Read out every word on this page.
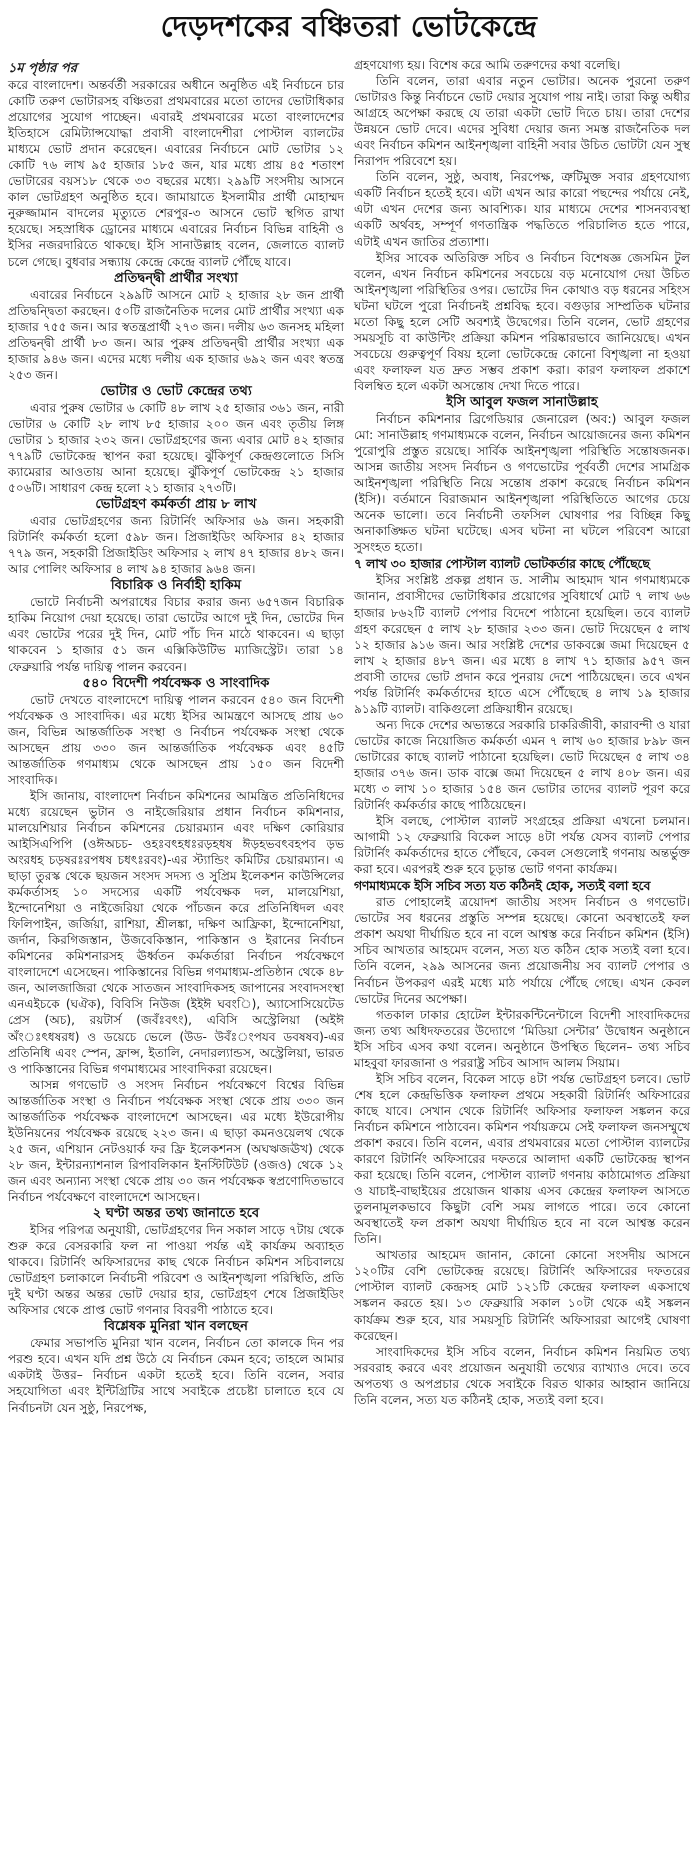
দেড়দশকের বঞ্চিতরা ভোটকেন্দ্রে
১ম পৃষ্ঠার পর

করে বাংলাদেশ। অন্তর্বর্তী সরকারের অধীনে অনুষ্ঠিত এই নির্বাচনে চার কোটি তরুণ ভোটারসহ বঞ্চিতরা প্রথমবারের মতো তাদের ভোটাধিকার প্রয়োগের সুযোগ পাচ্ছেন। এবারই প্রথমবারের মতো বাংলাদেশের ইতিহাসে রেমিট্যান্সযোদ্ধা প্রবাসী বাংলাদেশীরা পোস্টাল ব্যালটের মাধ্যমে ভোট প্রদান করেছেন। এবারের নির্বাচনে মোট ভোটার ১২ কোটি ৭৬ লাখ ৯৫ হাজার ১৮৫ জন, যার মধ্যে প্রায় ৪৫ শতাংশ ভোটারের বয়স১৮ থেকে ৩৩ বছরের মধ্যে। ২৯৯টি সংসদীয় আসনে কাল ভোটগ্রহণ অনুষ্ঠিত হবে। জামায়াতে ইসলামীর প্রার্থী মোহাম্মদ নুরুজ্জামান বাদলের মৃত্যুতে শেরপুর-৩ আসনে ভোট স্থগিত রাখা হয়েছে। সহস্রাধিক ড্রোনের মাধ্যমে এবারের নির্বাচন বিভিন্ন বাহিনী ও ইসির নজরদারিতে থাকছে। ইসি সানাউল্লাহ বলেন, জেলাতে ব্যালট চলে গেছে। বুধবার সন্ধ্যায় কেন্দ্রে কেন্দ্রে ব্যালট পৌঁছে যাবে।

প্রতিদ্বন্দ্বী প্রার্থীর সংখ্যা

এবারের নির্বাচনে ২৯৯টি আসনে মোট ২ হাজার ২৮ জন প্রার্থী প্রতিদ্বন্দ্বিতা করছেন। ৫০টি রাজনৈতিক দলের মোট প্রার্থীর সংখ্যা এক হাজার ৭৫৫ জন। আর স্বতন্ত্রপ্রার্থী ২৭৩ জন। দলীয় ৬৩ জনসহ মহিলা প্রতিদ্বন্দ্বী প্রার্থী ৮৩ জন। আর পুরুষ প্রতিদ্বন্দ্বী প্রার্থীর সংখ্যা এক হাজার ৯৪৬ জন। এদের মধ্যে দলীয় এক হাজার ৬৯২ জন এবং স্বতন্ত্র ২৫৩ জন।

ভোটার ও ভোট কেন্দ্রের তথ্য

এবার পুরুষ ভোটার ৬ কোটি ৪৮ লাখ ২৫ হাজার ৩৬১ জন, নারী ভোটার ৬ কোটি ২৮ লাখ ৮৫ হাজার ২০০ জন এবং তৃতীয় লিঙ্গ ভোটার ১ হাজার ২৩২ জন। ভোটগ্রহণের জন্য এবার মোট ৪২ হাজার ৭৭৯টি ভোটকেন্দ্র স্থাপন করা হয়েছে। ঝুঁকিপূর্ণ কেন্দ্রগুলোতে সিসি ক্যামেরার আওতায় আনা হয়েছে। ঝুঁকিপূর্ণ ভোটকেন্দ্র ২১ হাজার ৫০৬টি। সাধারণ কেন্দ্র হলো ২১ হাজার ২৭৩টি।

ভোটগ্রহণ কর্মকর্তা প্রায় ৮ লাখ

এবার ভোটগ্রহণের জন্য রিটার্নিং অফিসার ৬৯ জন। সহকারী রিটার্নিং কর্মকর্তা হলো ৫৯৮ জন। প্রিজাইডিং অফিসার ৪২ হাজার ৭৭৯ জন, সহকারী প্রিজাইডিং অফিসার ২ লাখ ৪৭ হাজার ৪৮২ জন। আর পোলিং অফিসার ৪ লাখ ৯৪ হাজার ৯৬৪ জন।

বিচারিক ও নির্বাহী হাকিম

ভোটে নির্বাচনী অপরাধের বিচার করার জন্য ৬৫৭জন বিচারিক হাকিম নিয়োগ দেয়া হয়েছে। তারা ভোটের আগে দুই দিন, ভোটের দিন এবং ভোটের পরের দুই দিন, মোট পাঁচ দিন মাঠে থাকবেন। এ ছাড়া থাকবেন ১ হাজার ৫১ জন এক্সিকিউটিভ ম্যাজিস্ট্রেট। তারা ১৪ ফেব্রুয়ারি পর্যন্ত দায়িত্ব পালন করবেন।

৫৪০ বিদেশী পর্যবেক্ষক ও সাংবাদিক

ভোট দেখতে বাংলাদেশে দায়িত্ব পালন করবেন ৫৪০ জন বিদেশী পর্যবেক্ষক ও সাংবাদিক। এর মধ্যে ইসির আমন্ত্রণে আসছে প্রায় ৬০ জন, বিভিন্ন আন্তর্জাতিক সংস্থা ও নির্বাচন পর্যবেক্ষক সংস্থা থেকে আসছেন প্রায় ৩৩০ জন আন্তর্জাতিক পর্যবেক্ষক এবং ৪৫টি আন্তর্জাতিক গণমাধ্যম থেকে আসছেন প্রায় ১৫০ জন বিদেশী সাংবাদিক।

ইসি জানায়, বাংলাদেশ নির্বাচন কমিশনের আমন্ত্রিত প্রতিনিধিদের মধ্যে রয়েছেন ভুটান ও নাইজেরিয়ার প্রধান নির্বাচন কমিশনার, মালয়েশিয়ার নির্বাচন কমিশনের চেয়ারম্যান এবং দক্ষিণ কোরিয়ার আইসিএপিপি (ওঈঅচচ- ওহঃবৎহধঃরড়হধষ ঈড়হভবৎবহপব ড়ভ অংরধহ চড়ষরঃরপধষ চধৎঃরবং)-এর স্ট্যান্ডিং কমিটির চেয়ারম্যান। এ ছাড়া তুরস্ক থেকে ছয়জন সংসদ সদস্য ও সুপ্রিম ইলেকশন কাউন্সিলের কর্মকর্তাসহ ১০ সদস্যের একটি পর্যবেক্ষক দল, মালয়েশিয়া, ইন্দোনেশিয়া ও নাইজেরিয়া থেকে পাঁচজন করে প্রতিনিধিদল এবং ফিলিপাইন, জর্জিয়া, রাশিয়া, শ্রীলঙ্কা, দক্ষিণ আফ্রিকা, ইন্দোনেশিয়া, জর্দান, কিরগিজস্তান, উজবেকিস্তান, পাকিস্তান ও ইরানের নির্বাচন কমিশনের কমিশনারসহ ঊর্ধ্বতন কর্মকর্তারা নির্বাচন পর্যবেক্ষণে বাংলাদেশে এসেছেন। পাকিস্তানের বিভিন্ন গণমাধ্যম-প্রতিষ্ঠান থেকে ৪৮ জন, আলজাজিরা থেকে সাতজন সাংবাদিকসহ জাপানের সংবাদসংস্থা এনএইচকে (ঘঐক), বিবিসি নিউজ (ইইঈ ঘবংি), অ্যাসোসিয়েটেড প্রেস (অচ), রয়টার্স (জবঁঃবৎং), এবিসি অস্ট্রেলিয়া (অইঈ অঁংঃৎধষরধ) ও ডয়েচে ভেলে (উড- উবঁঃংপযব ডবষষব)-এর প্রতিনিধি এবং স্পেন, ফ্রান্স, ইতালি, নেদারল্যান্ডস, অস্ট্রেলিয়া, ভারত ও পাকিস্তানের বিভিন্ন গণমাধ্যমের সাংবাদিকরা রয়েছেন।

আসন্ন গণভোট ও সংসদ নির্বাচন পর্যবেক্ষণে বিশ্বের বিভিন্ন আন্তর্জাতিক সংস্থা ও নির্বাচন পর্যবেক্ষক সংস্থা থেকে প্রায় ৩৩০ জন আন্তর্জাতিক পর্যবেক্ষক বাংলাদেশে আসছেন। এর মধ্যে ইউরোপীয় ইউনিয়নের পর্যবেক্ষক রয়েছে ২২৩ জন। এ ছাড়া কমনওয়েলথ থেকে ২৫ জন, এশিয়ান নেটওয়ার্ক ফর ফ্রি ইলেকশনস (অঘঋজঊখ) থেকে ২৮ জন, ইন্টারন্যাশনাল রিপাবলিকান ইনস্টিটিউট (ওজও) থেকে ১২ জন এবং অন্যান্য সংস্থা থেকে প্রায় ৩০ জন পর্যবেক্ষক স্বপ্রণোদিতভাবে নির্বাচন পর্যবেক্ষণে বাংলাদেশে আসছেন।

২ ঘণ্টা অন্তর তথ্য জানাতে হবে

ইসির পরিপত্র অনুযায়ী, ভোটগ্রহণের দিন সকাল সাড়ে ৭টায় থেকে শুরু করে বেসরকারি ফল না পাওয়া পর্যন্ত এই কার্যক্রম অব্যাহত থাকবে। রিটার্নিং অফিসারদের কাছ থেকে নির্বাচন কমিশন সচিবালয়ে ভোটগ্রহণ চলাকালে নির্বাচনী পরিবেশ ও আইনশৃঙ্খলা পরিস্থিতি, প্রতি দুই ঘণ্টা অন্তর অন্তর ভোট দেয়ার হার, ভোটগ্রহণ শেষে প্রিজাইডিং অফিসার থেকে প্রাপ্ত ভোট গণনার বিবরণী পাঠাতে হবে।

বিশ্লেষক মুনিরা খান বলছেন

ফেমার সভাপতি মুনিরা খান বলেন, নির্বাচন তো কালকে দিন পর পরশু হবে। এখন যদি প্রশ্ন উঠে যে নির্বাচন কেমন হবে; তাহলে আমার একটাই উত্তর– নির্বাচন একটা হতেই হবে। তিনি বলেন, সবার সহযোগিতা এবং ইন্টিগ্রিটির সাথে সবাইকে প্রচেষ্টা চালাতে হবে যে নির্বাচনটা যেন সুষ্ঠু, নিরপেক্ষ,

গ্রহণযোগ্য হয়। বিশেষ করে আমি তরুণদের কথা বলেছি।

তিনি বলেন, তারা এবার নতুন ভোটার। অনেক পুরনো তরুণ ভোটারও কিন্তু নির্বাচনে ভোট দেয়ার সুযোগ পায় নাই। তারা কিন্তু অধীর আগ্রহে অপেক্ষা করছে যে তারা একটা ভোট দিতে চায়। তারা দেশের উন্নয়নে ভোট দেবে। এদের সুবিধা দেয়ার জন্য সমস্ত রাজনৈতিক দল এবং নির্বাচন কমিশন আইনশৃঙ্খলা বাহিনী সবার উচিত ভোটটা যেন সুস্থ নিরাপদ পরিবেশে হয়।

তিনি বলেন, সুষ্ঠু, অবাধ, নিরপেক্ষ, ত্রুটিমুক্ত সবার গ্রহণযোগ্য একটি নির্বাচন হতেই হবে। এটা এখন আর কারো পছন্দের পর্যায়ে নেই, এটা এখন দেশের জন্য আবশ্যিক। যার মাধ্যমে দেশের শাসনব্যবস্থা একটি অর্থবহ, সম্পূর্ণ গণতান্ত্রিক পদ্ধতিতে পরিচালিত হতে পারে, এটাই এখন জাতির প্রত্যাশা।

ইসির সাবেক অতিরিক্ত সচিব ও নির্বাচন বিশেষজ্ঞ জেসমিন টুল বলেন, এখন নির্বাচন কমিশনের সবচেয়ে বড় মনোযোগ দেয়া উচিত আইনশৃঙ্খলা পরিস্থিতির ওপর। ভোটের দিন কোথাও বড় ধরনের সহিংস ঘটনা ঘটলে পুরো নির্বাচনই প্রশ্নবিদ্ধ হবে। বগুড়ার সাম্প্রতিক ঘটনার মতো কিছু হলে সেটি অবশ্যই উদ্বেগের। তিনি বলেন, ভোট গ্রহণের সময়সূচি বা কাউন্টিং প্রক্রিয়া কমিশন পরিষ্কারভাবে জানিয়েছে। এখন সবচেয়ে গুরুত্বপূর্ণ বিষয় হলো ভোটকেন্দ্রে কোনো বিশৃঙ্খলা না হওয়া এবং ফলাফল যত দ্রুত সম্ভব প্রকাশ করা। কারণ ফলাফল প্রকাশে বিলম্বিত হলে একটা অসন্তোষ দেখা দিতে পারে।

ইসি আবুল ফজল সানাউল্লাহ

নির্বাচন কমিশনার ব্রিগেডিয়ার জেনারেল (অব:) আবুল ফজল মো: সানাউল্লাহ গণমাধ্যমকে বলেন, নির্বাচন আয়োজনের জন্য কমিশন পুরোপুরি প্রস্তুত রয়েছে। সার্বিক আইনশৃঙ্খলা পরিস্থিতি সন্তোষজনক। আসন্ন জাতীয় সংসদ নির্বাচন ও গণভোটের পূর্ববর্তী দেশের সামগ্রিক আইনশৃঙ্খলা পরিস্থিতি নিয়ে সন্তোষ প্রকাশ করেছে নির্বাচন কমিশন (ইসি)। বর্তমানে বিরাজমান আইনশৃঙ্খলা পরিস্থিতিতে আগের চেয়ে অনেক ভালো। তবে নির্বাচনী তফসিল ঘোষণার পর বিচ্ছিন্ন কিছু অনাকাঙ্ক্ষিত ঘটনা ঘটেছে। এসব ঘটনা না ঘটলে পরিবেশ আরো সুসংহত হতো।

৭ লাখ ৩০ হাজার পোস্টাল ব্যালট ভোটকর্তার কাছে পৌঁছেছে

ইসির সংশ্লিষ্ট প্রকল্প প্রধান ড. সালীম আহমাদ খান গণমাধ্যমকে জানান, প্রবাসীদের ভোটাধিকার প্রয়োগের সুবিধার্থে মোট ৭ লাখ ৬৬ হাজার ৮৬২টি ব্যালট পেপার বিদেশে পাঠানো হয়েছিল। তবে ব্যালট গ্রহণ করেছেন ৫ লাখ ২৮ হাজার ২৩৩ জন। ভোট দিয়েছেন ৫ লাখ ১২ হাজার ৯১৬ জন। আর সংশ্লিষ্ট দেশের ডাকবক্সে জমা দিয়েছেন ৫ লাখ ২ হাজার ৪৮৭ জন। এর মধ্যে ৪ লাখ ৭১ হাজার ৯৫৭ জন প্রবাসী তাদের ভোট প্রদান করে পুনরায় দেশে পাঠিয়েছেন। তবে এখন পর্যন্ত রিটার্নিং কর্মকর্তাদের হাতে এসে পৌঁছেছে ৪ লাখ ১৯ হাজার ৯১৯টি ব্যালট। বাকিগুলো প্রক্রিয়াধীন রয়েছে।

অন্য দিকে দেশের অভ্যন্তরে সরকারি চাকরিজীবী, কারাবন্দী ও যারা ভোটের কাজে নিয়োজিত কর্মকর্তা এমন ৭ লাখ ৬০ হাজার ৮৯৮ জন ভোটারের কাছে ব্যালট পাঠানো হয়েছিল। ভোট দিয়েছেন ৫ লাখ ৩৪ হাজার ৩৭৬ জন। ডাক বাক্সে জমা দিয়েছেন ৫ লাখ ৪০৮ জন। এর মধ্যে ৩ লাখ ১০ হাজার ১৫৪ জন ভোটার তাদের ব্যালট পূরণ করে রিটার্নিং কর্মকর্তার কাছে পাঠিয়েছেন।

ইসি বলছে, পোস্টাল ব্যালট সংগ্রহের প্রক্রিয়া এখনো চলমান। আগামী ১২ ফেব্রুয়ারি বিকেল সাড়ে ৪টা পর্যন্ত যেসব ব্যালট পেপার রিটার্নিং কর্মকর্তাদের হাতে পৌঁছবে, কেবল সেগুলোই গণনায় অন্তর্ভুক্ত করা হবে। এরপরই শুরু হবে চূড়ান্ত ভোট গণনা কার্যক্রম।

গণমাধ্যমকে ইসি সচিব সত্য যত কঠিনই হোক, সত্যই বলা হবে

রাত পোহালেই ত্রয়োদশ জাতীয় সংসদ নির্বাচন ও গণভোট। ভোটের সব ধরনের প্রস্তুতি সম্পন্ন হয়েছে। কোনো অবস্থাতেই ফল প্রকাশ অযথা দীর্ঘায়িত হবে না বলে আশ্বস্ত করে নির্বাচন কমিশন (ইসি) সচিব আখতার আহমেদ বলেন, সত্য যত কঠিন হোক সত্যই বলা হবে। তিনি বলেন, ২৯৯ আসনের জন্য প্রয়োজনীয় সব ব্যালট পেপার ও নির্বাচন উপকরণ এরই মধ্যে মাঠ পর্যায়ে পৌঁছে গেছে। এখন কেবল ভোটের দিনের অপেক্ষা।

গতকাল ঢাকার হোটেল ইন্টারকন্টিনেন্টালে বিদেশী সাংবাদিকদের জন্য তথ্য অধিদফতরের উদ্যোগে ‘মিডিয়া সেন্টার’ উদ্বোধন অনুষ্ঠানে ইসি সচিব এসব কথা বলেন। অনুষ্ঠানে উপস্থিত ছিলেন– তথ্য সচিব মাহবুবা ফারজানা ও পররাষ্ট্র সচিব আসাদ আলম সিয়াম।

ইসি সচিব বলেন, বিকেল সাড়ে ৪টা পর্যন্ত ভোটগ্রহণ চলবে। ভোট শেষ হলে কেন্দ্রভিত্তিক ফলাফল প্রথমে সহকারী রিটার্নিং অফিসারের কাছে যাবে। সেখান থেকে রিটার্নিং অফিসার ফলাফল সঙ্কলন করে নির্বাচন কমিশনে পাঠাবেন। কমিশন পর্যায়ক্রমে সেই ফলাফল জনসম্মুখে প্রকাশ করবে। তিনি বলেন, এবার প্রথমবারের মতো পোস্টাল ব্যালটের কারণে রিটার্নিং অফিসারের দফতরে আলাদা একটি ভোটকেন্দ্র স্থাপন করা হয়েছে। তিনি বলেন, পোস্টাল ব্যালট গণনায় কাঠামোগত প্রক্রিয়া ও যাচাই-বাছাইয়ের প্রয়োজন থাকায় এসব কেন্দ্রের ফলাফল আসতে তুলনামূলকভাবে কিছুটা বেশি সময় লাগতে পারে। তবে কোনো অবস্থাতেই ফল প্রকাশ অযথা দীর্ঘায়িত হবে না বলে আশ্বস্ত করেন তিনি।

আখতার আহমেদ জানান, কোনো কোনো সংসদীয় আসনে ১২০টির বেশি ভোটকেন্দ্র রয়েছে। রিটার্নিং অফিসারের দফতরের পোস্টাল ব্যালট কেন্দ্রসহ মোট ১২১টি কেন্দ্রের ফলাফল একসাথে সঙ্কলন করতে হয়। ১৩ ফেব্রুয়ারি সকাল ১০টা থেকে এই সঙ্কলন কার্যক্রম শুরু হবে, যার সময়সূচি রিটার্নিং অফিসাররা আগেই ঘোষণা করেছেন।

সাংবাদিকদের ইসি সচিব বলেন, নির্বাচন কমিশন নিয়মিত তথ্য সরবরাহ করবে এবং প্রয়োজন অনুযায়ী তথ্যের ব্যাখ্যাও দেবে। তবে অপতথ্য ও অপপ্রচার থেকে সবাইকে বিরত থাকার আহ্বান জানিয়ে তিনি বলেন, সত্য যত কঠিনই হোক, সত্যই বলা হবে।
